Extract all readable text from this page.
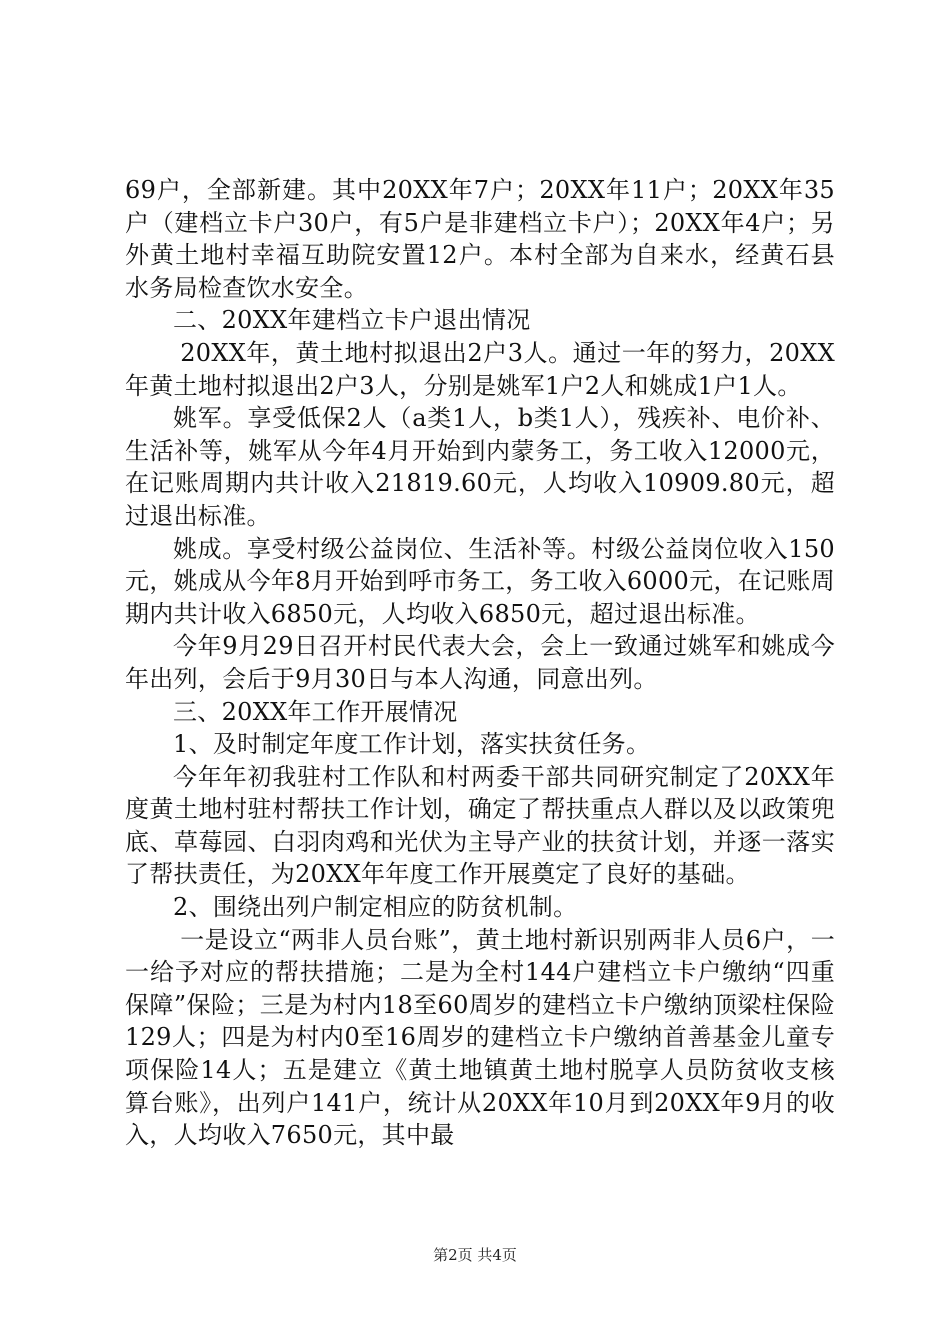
69户，全部新建。其中20XX年7户；20XX年11户；20XX年35户（建档立卡户30户，有5户是非建档立卡户）；20XX年4户；另外黄土地村幸福互助院安置12户。本村全部为自来水，经黄石县水务局检查饮水安全。

二、20XX年建档立卡户退出情况

20XX年，黄土地村拟退出2户3人。通过一年的努力，20XX年黄土地村拟退出2户3人，分别是姚军1户2人和姚成1户1人。

姚军。享受低保2人（a类1人，b类1人），残疾补、电价补、生活补等，姚军从今年4月开始到内蒙务工，务工收入12000元，在记账周期内共计收入21819.60元，人均收入10909.80元，超过退出标准。

姚成。享受村级公益岗位、生活补等。村级公益岗位收入150元，姚成从今年8月开始到呼市务工，务工收入6000元，在记账周期内共计收入6850元，人均收入6850元，超过退出标准。

今年9月29日召开村民代表大会，会上一致通过姚军和姚成今年出列，会后于9月30日与本人沟通，同意出列。

三、20XX年工作开展情况

1、及时制定年度工作计划，落实扶贫任务。

今年年初我驻村工作队和村两委干部共同研究制定了20XX年度黄土地村驻村帮扶工作计划，确定了帮扶重点人群以及以政策兜底、草莓园、白羽肉鸡和光伏为主导产业的扶贫计划，并逐一落实了帮扶责任，为20XX年年度工作开展奠定了良好的基础。

2、围绕出列户制定相应的防贫机制。

一是设立“两非人员台账”，黄土地村新识别两非人员6户，一一给予对应的帮扶措施；二是为全村144户建档立卡户缴纳“四重保障”保险；三是为村内18至60周岁的建档立卡户缴纳顶梁柱保险129人；四是为村内0至16周岁的建档立卡户缴纳首善基金儿童专项保险14人；五是建立《黄土地镇黄土地村脱享人员防贫收支核算台账》，出列户141户，统计从20XX年10月到20XX年9月的收入，人均收入7650元，其中最

第2页 共4页
